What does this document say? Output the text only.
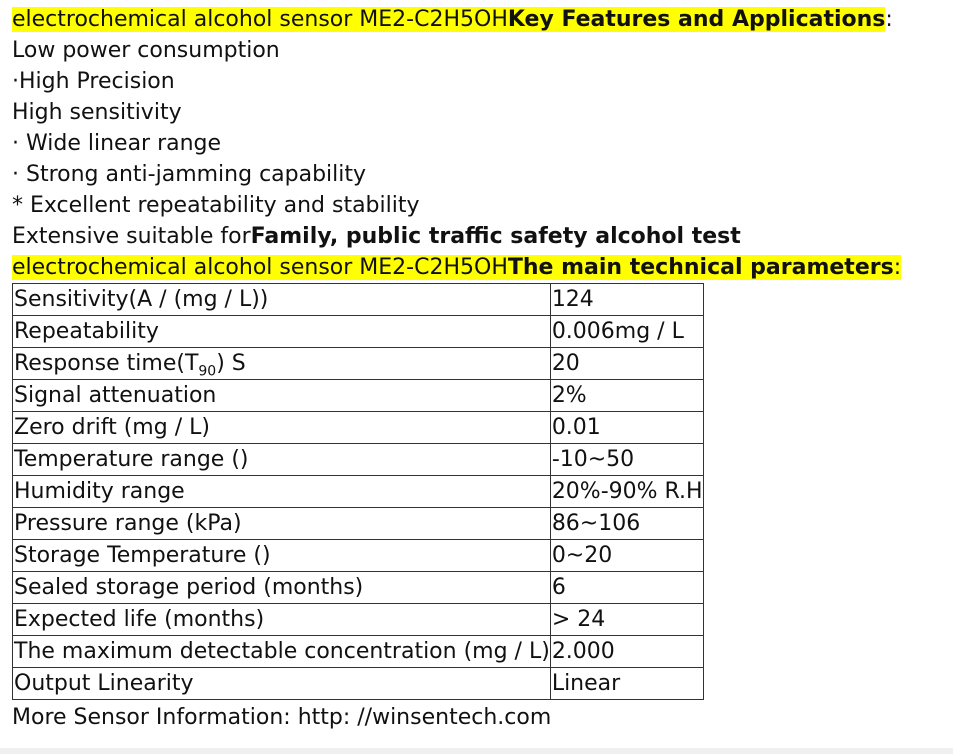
electrochemical alcohol sensor ME2-C2H5OHKey Features and Applications:
Low power consumption
·High Precision
High sensitivity
· Wide linear range
· Strong anti-jamming capability
* Excellent repeatability and stability
Extensive suitable forFamily, public traffic safety alcohol test
electrochemical alcohol sensor ME2-C2H5OHThe main technical parameters:
Sensitivity(A / (mg / L))	124
Repeatability	0.006mg / L
Response $time(T_{90})$ S	20
Signal attenuation	2%
Zero drift (mg / L)	0.01
Temperature range ()	-10~50
Humidity range	20%-90% R.H
Pressure range (kPa)	86~106
Storage Temperature ()	0~20
Sealed storage period (months)	6
Expected life (months)	> 24
The maximum detectable concentration (mg / L)	2.000
Output Linearity	Linear
More Sensor Information: http: //winsentech.com
